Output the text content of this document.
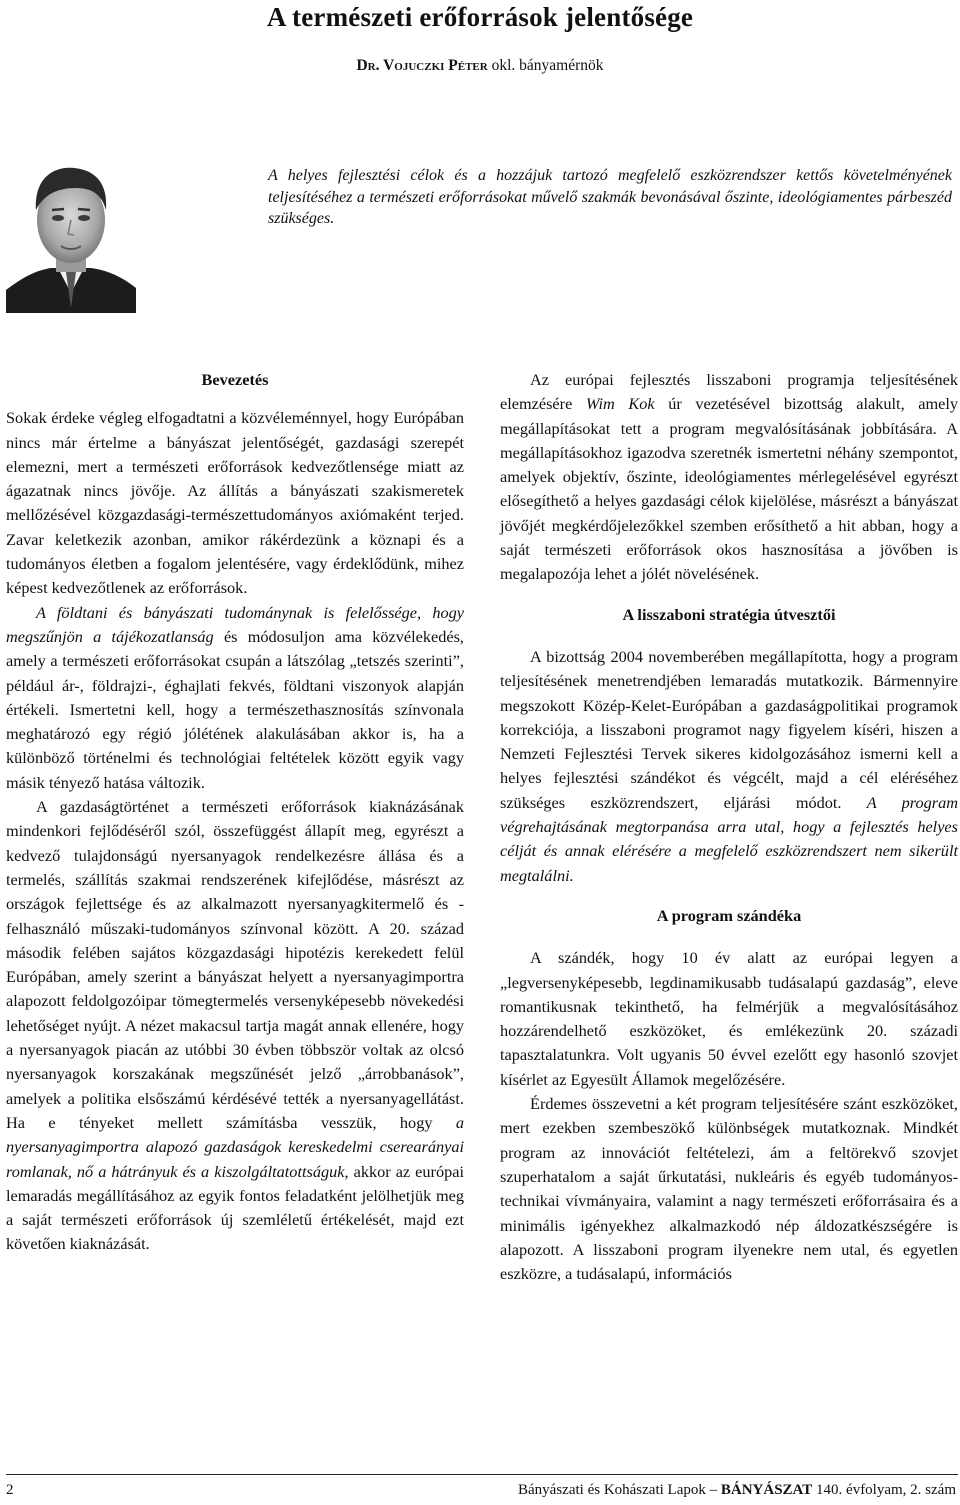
A természeti erőforrások jelentősége
Dr. Vojuczki Péter okl. bányamérnök

A helyes fejlesztési célok és a hozzájuk tartozó megfelelő eszközrendszer kettős követelményének teljesítéséhez a természeti erőforrásokat művelő szakmák bevonásával őszinte, ideológiamentes párbeszéd szükséges.

Bevezetés

Sokak érdeke végleg elfogadtatni a közvéleménnyel, hogy Európában nincs már értelme a bányászat jelentőségét, gazdasági szerepét elemezni, mert a természeti erőforrások kedvezőtlensége miatt az ágazatnak nincs jövője. Az állítás a bányászati szakismeretek mellőzésével közgazdasági-természettudományos axiómaként terjed. Zavar keletkezik azonban, amikor rákérdezünk a köznapi és a tudományos életben a fogalom jelentésére, vagy érdeklődünk, mihez képest kedvezőtlenek az erőforrások.

A földtani és bányászati tudománynak is felelőssége, hogy megszűnjön a tájékozatlanság és módosuljon ama közvélekedés, amely a természeti erőforrásokat csupán a látszólag „tetszés szerinti”, például ár-, földrajzi-, éghajlati fekvés, földtani viszonyok alapján értékeli. Ismertetni kell, hogy a természethasznosítás színvonala meghatározó egy régió jólétének alakulásában akkor is, ha a különböző történelmi és technológiai feltételek között egyik vagy másik tényező hatása változik.

A gazdaságtörténet a természeti erőforrások kiaknázásának mindenkori fejlődéséről szól, összefüggést állapít meg, egyrészt a kedvező tulajdonságú nyersanyagok rendelkezésre állása és a termelés, szállítás szakmai rendszerének kifejlődése, másrészt az országok fejlettsége és az alkalmazott nyersanyagkitermelő és -felhasználó műszaki-tudományos színvonal között. A 20. század második felében sajátos közgazdasági hipotézis kerekedett felül Európában, amely szerint a bányászat helyett a nyersanyagimportra alapozott feldolgozóipar tömegtermelés versenyképesebb növekedési lehetőséget nyújt. A nézet makacsul tartja magát annak ellenére, hogy a nyersanyagok piacán az utóbbi 30 évben többször voltak az olcsó nyersanyagok korszakának megszűnését jelző „árrobbanások”, amelyek a politika elsőszámú kérdésévé tették a nyersanyagellátást. Ha e tényeket mellett számításba vesszük, hogy a nyersanyagimportra alapozó gazdaságok kereskedelmi cserearányai romlanak, nő a hátrányuk és a kiszolgáltatottságuk, akkor az európai lemaradás megállításához az egyik fontos feladatként jelölhetjük meg a saját természeti erőforrások új szemléletű értékelését, majd ezt követően kiaknázását.

Az európai fejlesztés lisszaboni programja teljesítésének elemzésére Wim Kok úr vezetésével bizottság alakult, amely megállapításokat tett a program megvalósításának jobbítására. A megállapításokhoz igazodva szeretnék ismertetni néhány szempontot, amelyek objektív, őszinte, ideológiamentes mérlegelésével egyrészt elősegíthető a helyes gazdasági célok kijelölése, másrészt a bányászat jövőjét megkérdőjelezőkkel szemben erősíthető a hit abban, hogy a saját természeti erőforrások okos hasznosítása a jövőben is megalapozója lehet a jólét növelésének.

A lisszaboni stratégia útvesztői

A bizottság 2004 novemberében megállapította, hogy a program teljesítésének menetrendjében lemaradás mutatkozik. Bármennyire megszokott Közép-Kelet-Európában a gazdaságpolitikai programok korrekciója, a lisszaboni programot nagy figyelem kíséri, hiszen a Nemzeti Fejlesztési Tervek sikeres kidolgozásához ismerni kell a helyes fejlesztési szándékot és végcélt, majd a cél eléréséhez szükséges eszközrendszert, eljárási módot. A program végrehajtásának megtorpanása arra utal, hogy a fejlesztés helyes célját és annak elérésére a megfelelő eszközrendszert nem sikerült megtalálni.

A program szándéka

A szándék, hogy 10 év alatt az európai legyen a „legversenyképesebb, legdinamikusabb tudásalapú gazdaság”, eleve romantikusnak tekinthető, ha felmérjük a megvalósításához hozzárendelhető eszközöket, és emlékezünk 20. századi tapasztalatunkra. Volt ugyanis 50 évvel ezelőtt egy hasonló szovjet kísérlet az Egyesült Államok megelőzésére.

Érdemes összevetni a két program teljesítésére szánt eszközöket, mert ezekben szembeszökő különbségek mutatkoznak. Mindkét program az innovációt feltételezi, ám a feltörekvő szovjet szuperhatalom a saját űrkutatási, nukleáris és egyéb tudományos-technikai vívmányaira, valamint a nagy természeti erőforrásaira és a minimális igényekhez alkalmazkodó nép áldozatkészségére is alapozott. A lisszaboni program ilyenekre nem utal, és egyetlen eszközre, a tudásalapú, információs

2	Bányászati és Kohászati Lapok – BÁNYÁSZAT 140. évfolyam, 2. szám
